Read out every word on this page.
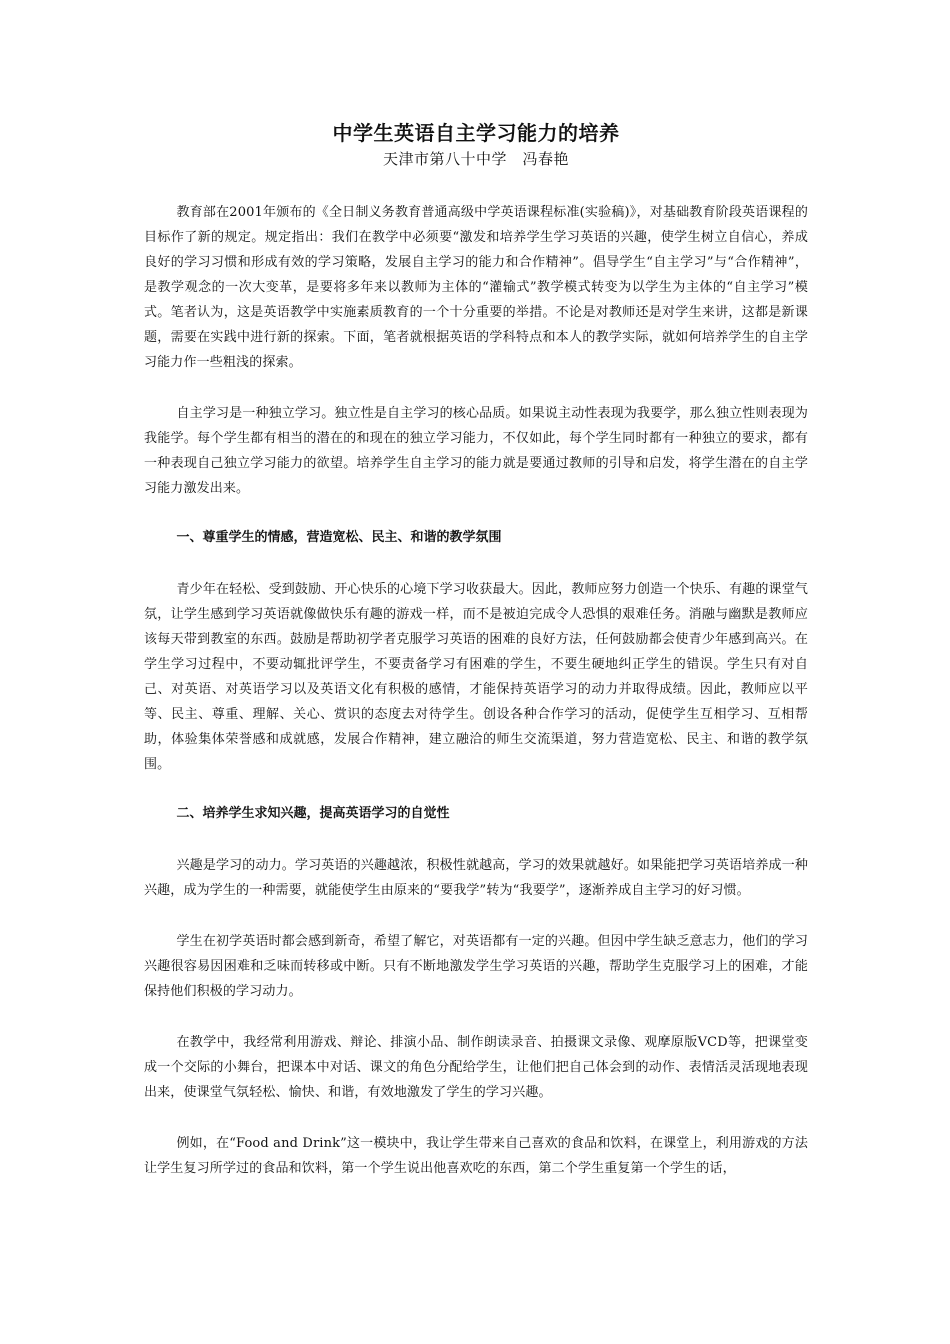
中学生英语自主学习能力的培养

天津市第八十中学　冯春艳

教育部在2001年颁布的《全日制义务教育普通高级中学英语课程标准(实验稿)》，对基础教育阶段英语课程的目标作了新的规定。规定指出：我们在教学中必须要“激发和培养学生学习英语的兴趣，使学生树立自信心，养成良好的学习习惯和形成有效的学习策略，发展自主学习的能力和合作精神”。倡导学生“自主学习”与“合作精神”，是教学观念的一次大变革，是要将多年来以教师为主体的“灌输式”教学模式转变为以学生为主体的“自主学习”模式。笔者认为，这是英语教学中实施素质教育的一个十分重要的举措。不论是对教师还是对学生来讲，这都是新课题，需要在实践中进行新的探索。下面，笔者就根据英语的学科特点和本人的教学实际，就如何培养学生的自主学习能力作一些粗浅的探索。

自主学习是一种独立学习。独立性是自主学习的核心品质。如果说主动性表现为我要学，那么独立性则表现为我能学。每个学生都有相当的潜在的和现在的独立学习能力，不仅如此，每个学生同时都有一种独立的要求，都有一种表现自己独立学习能力的欲望。培养学生自主学习的能力就是要通过教师的引导和启发，将学生潜在的自主学习能力激发出来。

一、尊重学生的情感，营造宽松、民主、和谐的教学氛围

青少年在轻松、受到鼓励、开心快乐的心境下学习收获最大。因此，教师应努力创造一个快乐、有趣的课堂气氛，让学生感到学习英语就像做快乐有趣的游戏一样，而不是被迫完成令人恐惧的艰难任务。消融与幽默是教师应该每天带到教室的东西。鼓励是帮助初学者克服学习英语的困难的良好方法，任何鼓励都会使青少年感到高兴。在学生学习过程中，不要动辄批评学生，不要责备学习有困难的学生，不要生硬地纠正学生的错误。学生只有对自己、对英语、对英语学习以及英语文化有积极的感情，才能保持英语学习的动力并取得成绩。因此，教师应以平等、民主、尊重、理解、关心、赏识的态度去对待学生。创设各种合作学习的活动，促使学生互相学习、互相帮助，体验集体荣誉感和成就感，发展合作精神，建立融洽的师生交流渠道，努力营造宽松、民主、和谐的教学氛围。

二、培养学生求知兴趣，提高英语学习的自觉性

兴趣是学习的动力。学习英语的兴趣越浓，积极性就越高，学习的效果就越好。如果能把学习英语培养成一种兴趣，成为学生的一种需要，就能使学生由原来的“要我学”转为“我要学”，逐渐养成自主学习的好习惯。

学生在初学英语时都会感到新奇，希望了解它，对英语都有一定的兴趣。但因中学生缺乏意志力，他们的学习兴趣很容易因困难和乏味而转移或中断。只有不断地激发学生学习英语的兴趣，帮助学生克服学习上的困难，才能保持他们积极的学习动力。

在教学中，我经常利用游戏、辩论、排演小品、制作朗读录音、拍摄课文录像、观摩原版VCD等，把课堂变成一个交际的小舞台，把课本中对话、课文的角色分配给学生，让他们把自己体会到的动作、表情活灵活现地表现出来，使课堂气氛轻松、愉快、和谐，有效地激发了学生的学习兴趣。

例如，在“Food and Drink”这一模块中，我让学生带来自己喜欢的食品和饮料，在课堂上，利用游戏的方法让学生复习所学过的食品和饮料，第一个学生说出他喜欢吃的东西，第二个学生重复第一个学生的话，
